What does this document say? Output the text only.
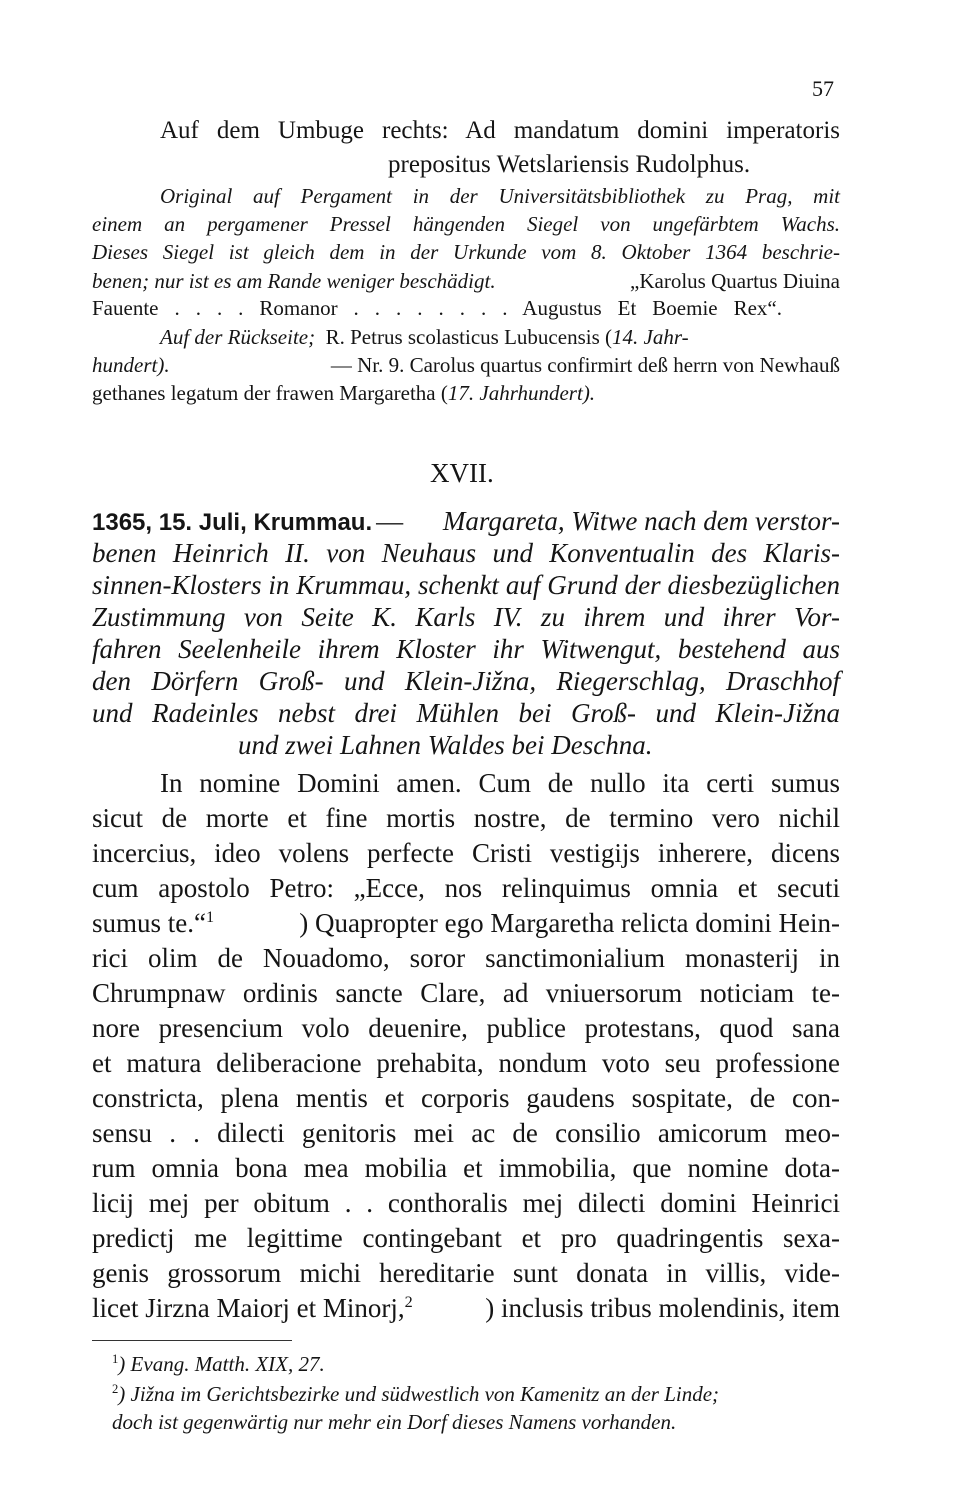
57
Auf dem Umbuge rechts: Ad mandatum domini imperatoris
prepositus Wetslariensis Rudolphus.
Original auf Pergament in der Universitätsbibliothek zu Prag, mit
einem an pergamener Pressel hängenden Siegel von ungefärbtem Wachs.
Dieses Siegel ist gleich dem in der Urkunde vom 8. Oktober 1364 beschrie-
benen; nur ist es am Rande weniger beschädigt.	„Karolus Quartus Diuina
Fauente . . . . Romanor . . . . . . . . Augustus Et Boemie Rex“.
Auf der Rückseite; R. Petrus scolasticus Lubucensis (14. Jahr-
hundert).	— Nr. 9. Carolus quartus confirmirt deß herrn von Newhauß
gethanes legatum der frawen Margaretha (17. Jahrhundert).
XVII.
1365, 15. Juli, Krummau. — Margareta, Witwe nach dem verstor-
benen Heinrich II. von Neuhaus und Konventualin des Klaris-
sinnen-Klosters in Krummau, schenkt auf Grund der diesbezüglichen
Zustimmung von Seite K. Karls IV. zu ihrem und ihrer Vor-
fahren Seelenheile ihrem Kloster ihr Witwengut, bestehend aus
den Dörfern Groß- und Klein-Jižna, Riegerschlag, Draschhof
und Radeinles nebst drei Mühlen bei Groß- und Klein-Jižna
und zwei Lahnen Waldes bei Deschna.
In nomine Domini amen. Cum de nullo ita certi sumus
sicut de morte et fine mortis nostre, de termino vero nichil
incercius, ideo volens perfecte Cristi vestigijs inherere, dicens
cum apostolo Petro: „Ecce, nos relinquimus omnia et secuti
sumus te.“$^1$	) Quapropter ego Margaretha relicta domini Hein-
rici olim de Nouadomo, soror sanctimonialium monasterij in
Chrumpnaw ordinis sancte Clare, ad vniuersorum noticiam te-
nore presencium volo deuenire, publice protestans, quod sana
et matura deliberacione prehabita, nondum voto seu professione
constricta, plena mentis et corporis gaudens sospitate, de con-
sensu . . dilecti genitoris mei ac de consilio amicorum meo-
rum omnia bona mea mobilia et immobilia, que nomine dota-
licij mej per obitum . . conthoralis mej dilecti domini Heinrici
predictj me legittime contingebant et pro quadringentis sexa-
genis grossorum michi hereditarie sunt donata in villis, vide-
licet Jirzna Maiorj et Minorj,$^2$	) inclusis tribus molendinis, item
$^1$) Evang. Matth. XIX, 27.
$^2$) Jižna im Gerichtsbezirke und südwestlich von Kamenitz an der Linde;
doch ist gegenwärtig nur mehr ein Dorf dieses Namens vorhanden.
